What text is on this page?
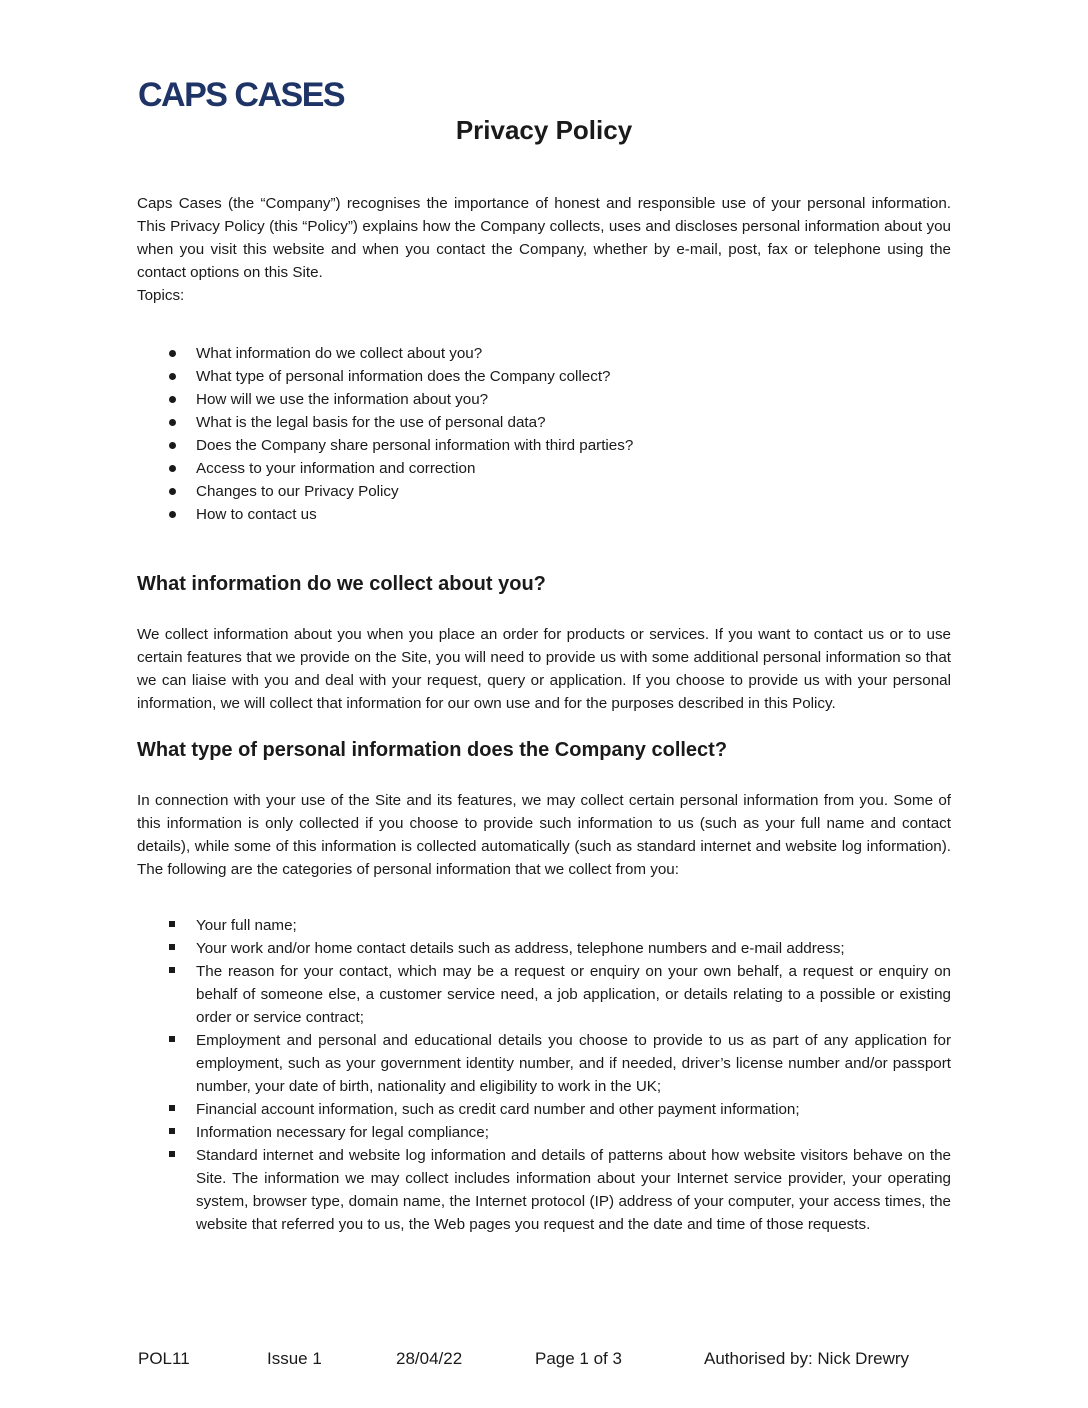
CAPS CASES
Privacy Policy

Caps Cases (the “Company”) recognises the importance of honest and responsible use of your personal information. This Privacy Policy (this “Policy”) explains how the Company collects, uses and discloses personal information about you when you visit this website and when you contact the Company, whether by e-mail, post, fax or telephone using the contact options on this Site.

Topics:

What information do we collect about you?
What type of personal information does the Company collect?
How will we use the information about you?
What is the legal basis for the use of personal data?
Does the Company share personal information with third parties?
Access to your information and correction
Changes to our Privacy Policy
How to contact us
What information do we collect about you?

We collect information about you when you place an order for products or services. If you want to contact us or to use certain features that we provide on the Site, you will need to provide us with some additional personal information so that we can liaise with you and deal with your request, query or application. If you choose to provide us with your personal information, we will collect that information for our own use and for the purposes described in this Policy.

What type of personal information does the Company collect?

In connection with your use of the Site and its features, we may collect certain personal information from you. Some of this information is only collected if you choose to provide such information to us (such as your full name and contact details), while some of this information is collected automatically (such as standard internet and website log information). The following are the categories of personal information that we collect from you:

Your full name;
Your work and/or home contact details such as address, telephone numbers and e-mail address;
The reason for your contact, which may be a request or enquiry on your own behalf, a request or enquiry on behalf of someone else, a customer service need, a job application, or details relating to a possible or existing order or service contract;
Employment and personal and educational details you choose to provide to us as part of any application for employment, such as your government identity number, and if needed, driver’s license number and/or passport number, your date of birth, nationality and eligibility to work in the UK;
Financial account information, such as credit card number and other payment information;
Information necessary for legal compliance;
Standard internet and website log information and details of patterns about how website visitors behave on the Site. The information we may collect includes information about your Internet service provider, your operating system, browser type, domain name, the Internet protocol (IP) address of your computer, your access times, the website that referred you to us, the Web pages you request and the date and time of those requests.
POL11	Issue 1	28/04/22	Page 1 of 3	Authorised by: Nick Drewry
